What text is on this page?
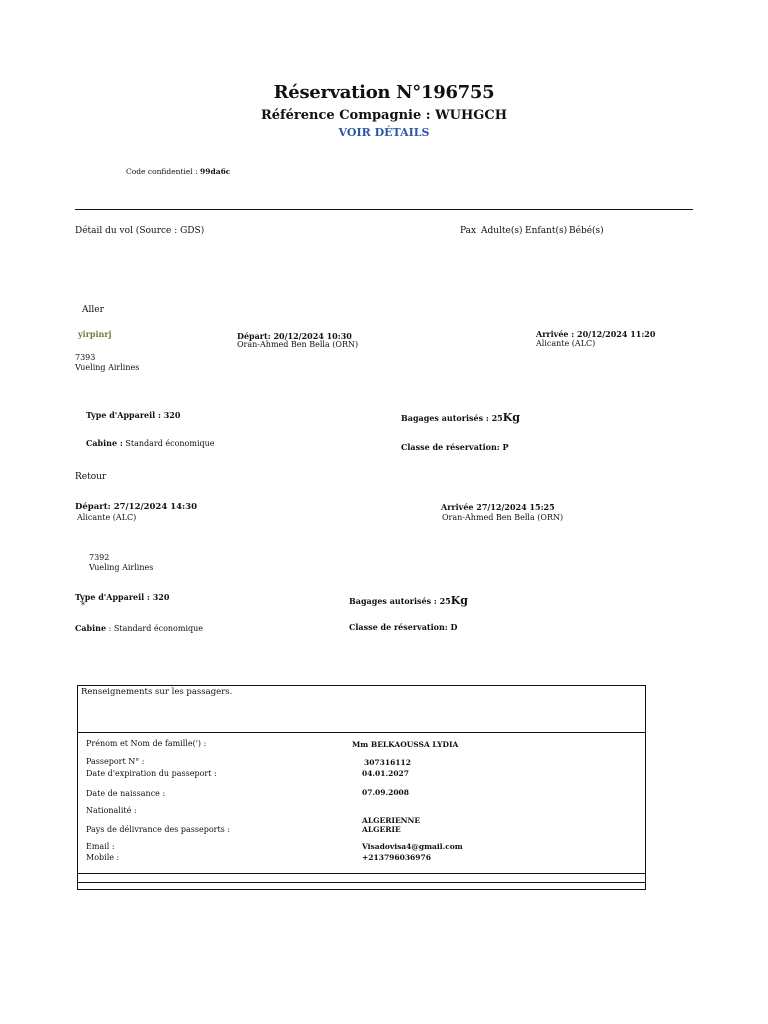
Réservation N°196755
Référence Compagnie : WUHGCH
VOIR DÉTAILS
Code confidentiel : 99da6c
Détail du vol (Source : GDS)	Pax Adulte(s) Enfant(s) Bébé(s)
Aller
yirpinrj
7393
Vueling Airlines
Départ: 20/12/2024 10:30
Oran-Ahmed Ben Bella (ORN)
Arrivée : 20/12/2024 11:20
Alicante (ALC)
Type d'Appareil : 320	Bagages autorisés : 25Kg
Cabine : Standard économique	Classe de réservation: P
Retour
Départ: 27/12/2024 14:30
Alicante (ALC)
Arrivée 27/12/2024 15:25
Oran-Ahmed Ben Bella (ORN)
7392
Vueling Airlines
Type d'Appareil : 320
*	Bagages autorisés : 25Kg
Cabine : Standard économique	Classe de réservation: D
Renseignements sur les passagers.
Prénom et Nom de famille(') :	Mm BELKAOUSSA LYDIA
Passeport N° :	307316112
Date d'expiration du passeport :	04.01.2027
Date de naissance :	07.09.2008
Nationalité :
ALGERIENNE
Pays de délivrance des passeports :	ALGERIE
Email :	Visadovisa4@gmail.com
Mobile :	+213796036976
